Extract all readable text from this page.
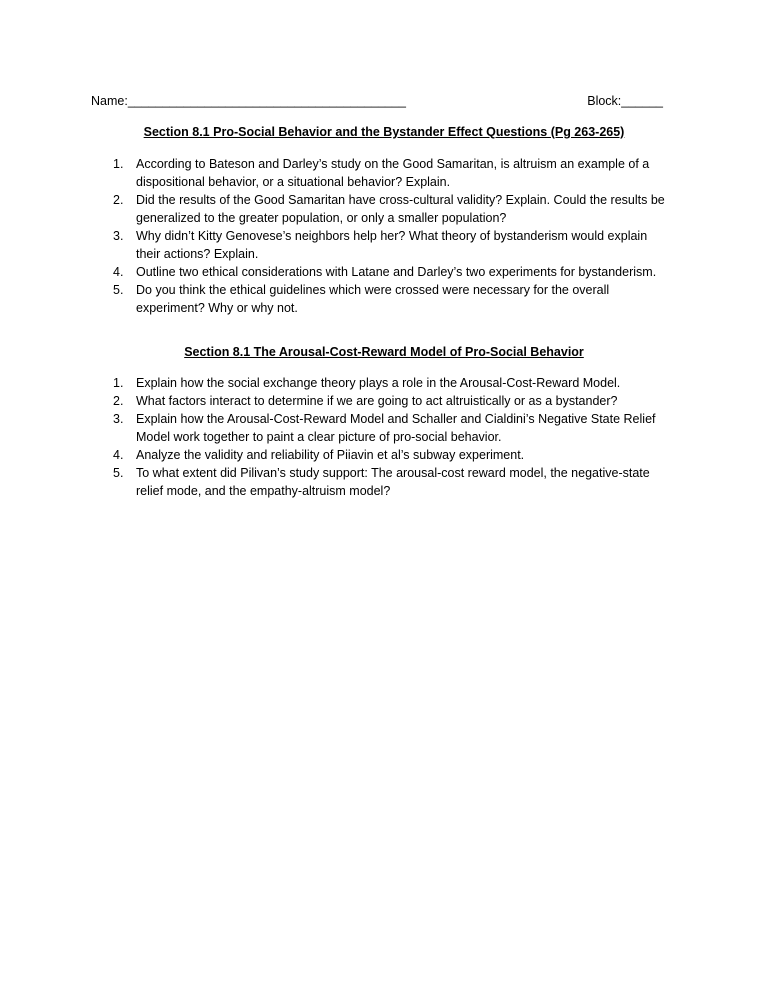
Name:________________________________________	Block:______
Section 8.1 Pro-Social Behavior and the Bystander Effect Questions (Pg 263-265)
1.	According to Bateson and Darley’s study on the Good Samaritan, is altruism an example of a dispositional behavior, or a situational behavior? Explain.
2.	Did the results of the Good Samaritan have cross-cultural validity? Explain. Could the results be generalized to the greater population, or only a smaller population?
3.	Why didn’t Kitty Genovese’s neighbors help her? What theory of bystanderism would explain their actions? Explain.
4.	Outline two ethical considerations with Latane and Darley’s two experiments for bystanderism.
5.	Do you think the ethical guidelines which were crossed were necessary for the overall experiment? Why or why not.
Section 8.1 The Arousal-Cost-Reward Model of Pro-Social Behavior
1.	Explain how the social exchange theory plays a role in the Arousal-Cost-Reward Model.
2.	What factors interact to determine if we are going to act altruistically or as a bystander?
3.	Explain how the Arousal-Cost-Reward Model and Schaller and Cialdini’s Negative State Relief Model work together to paint a clear picture of pro-social behavior.
4.	Analyze the validity and reliability of Piiavin et al’s subway experiment.
5.	To what extent did Pilivan’s study support: The arousal-cost reward model, the negative-state relief mode, and the empathy-altruism model?
